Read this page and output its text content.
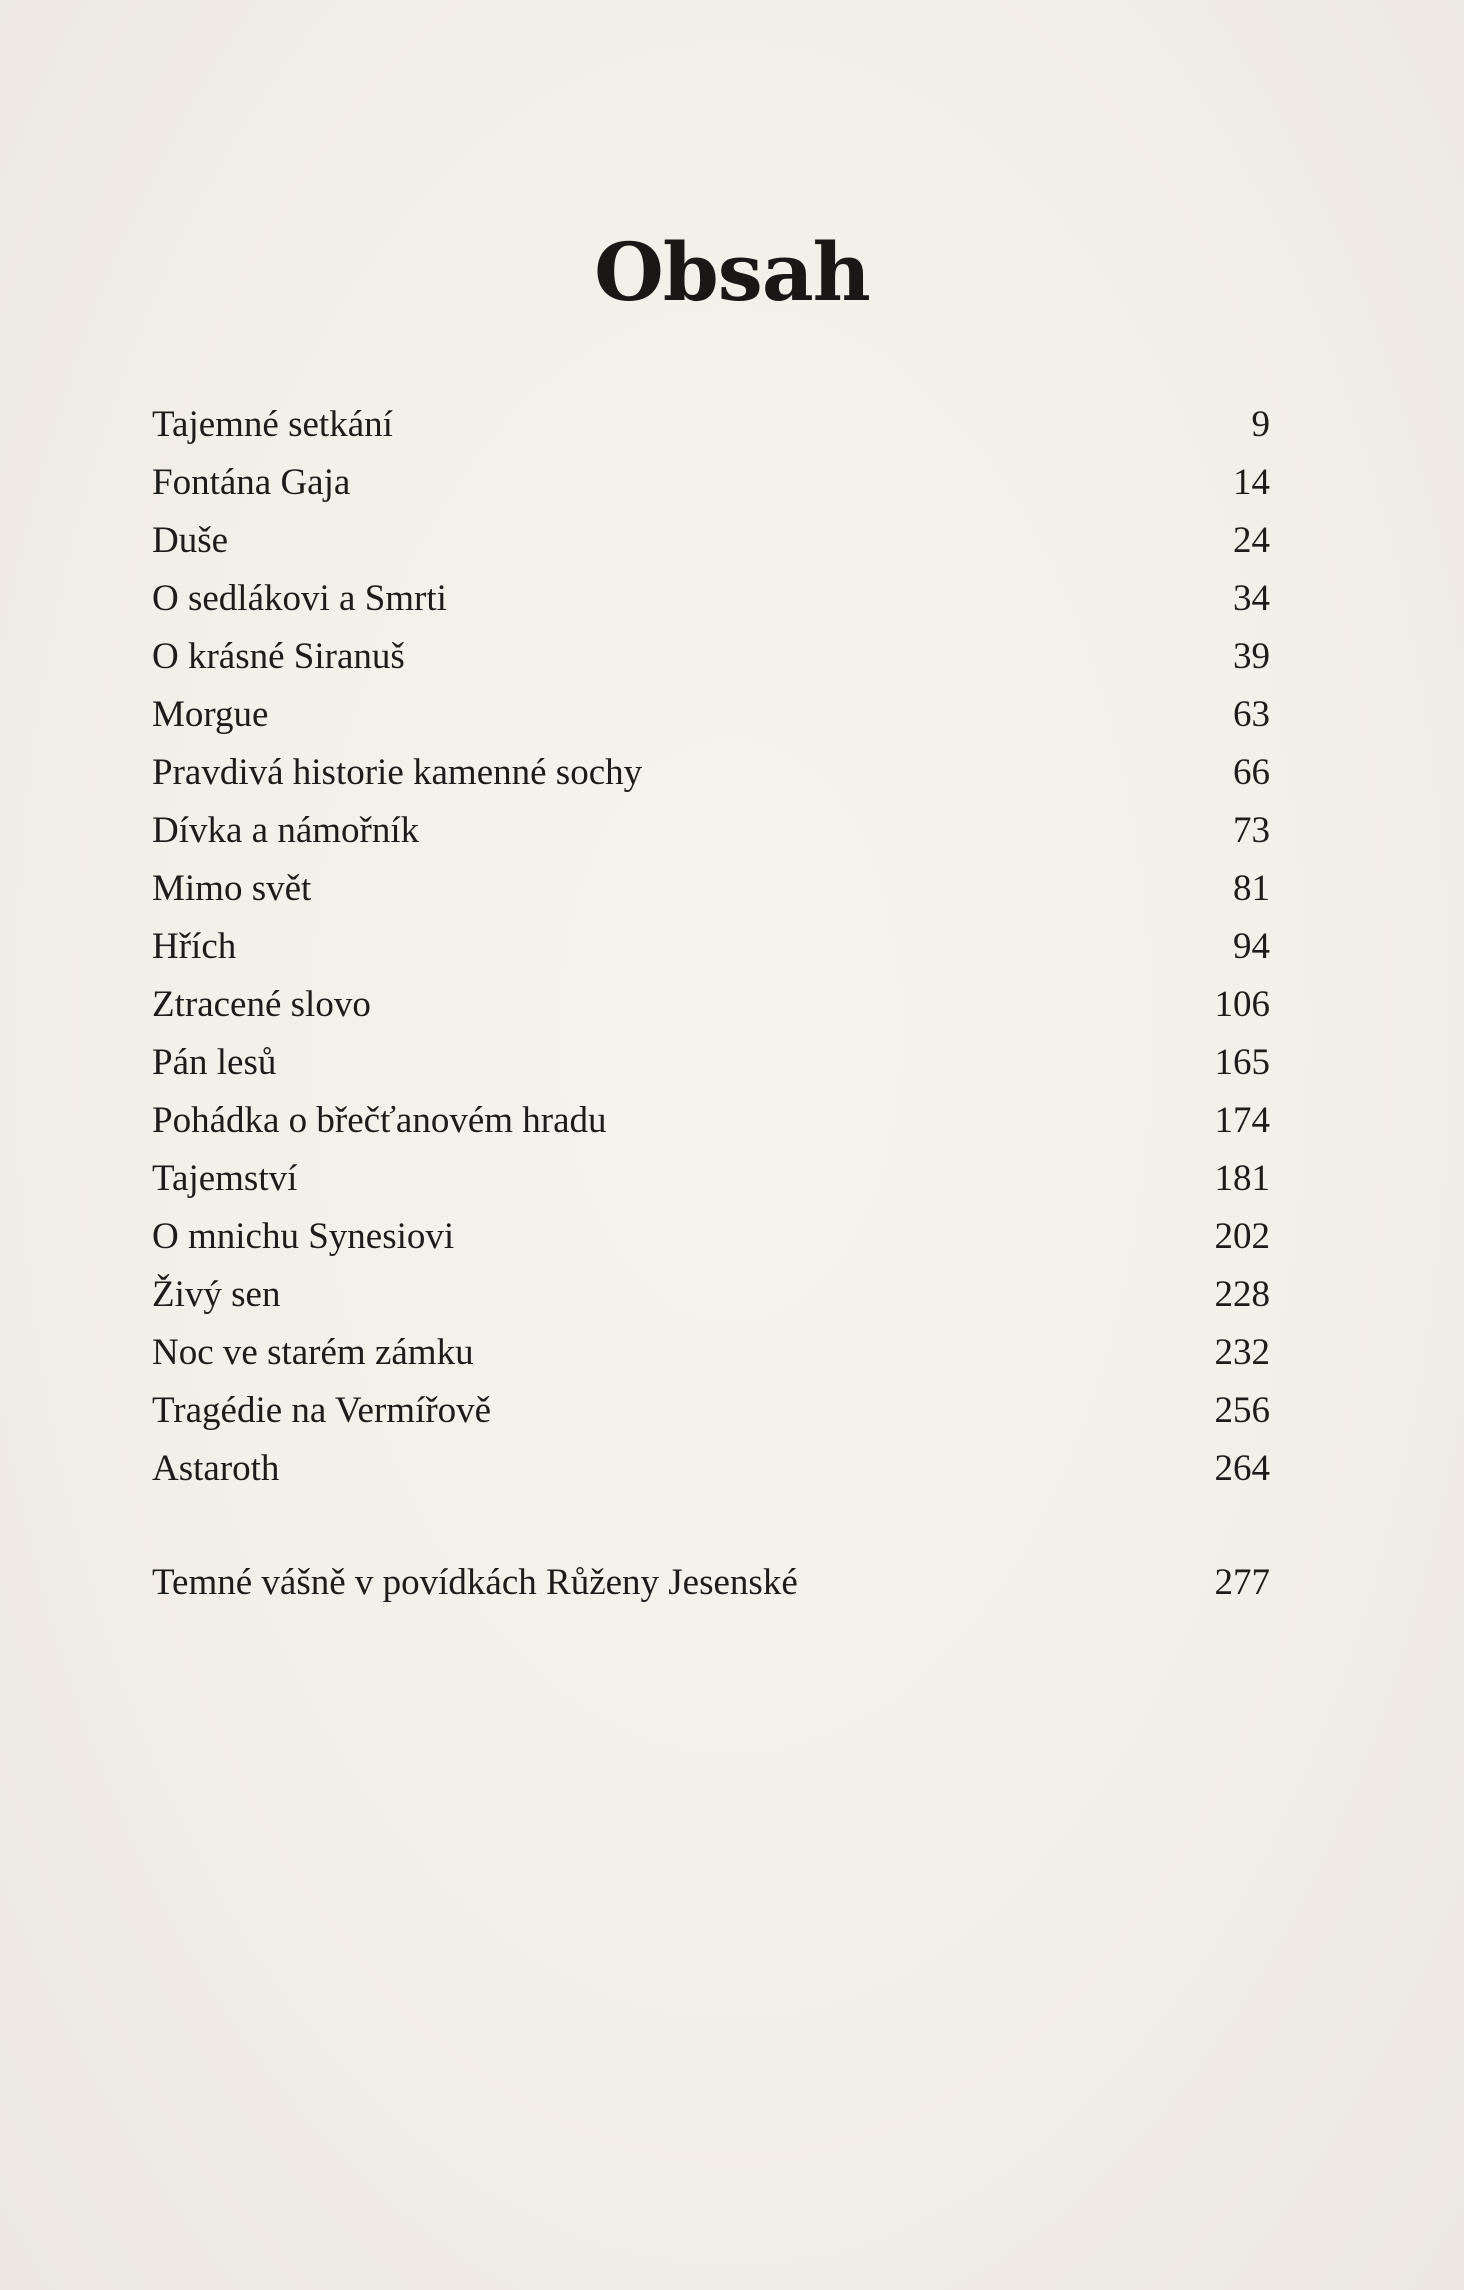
Obsah
Tajemné setkání	9
Fontána Gaja	14
Duše	24
O sedlákovi a Smrti	34
O krásné Siranuš	39
Morgue	63
Pravdivá historie kamenné sochy	66
Dívka a námořník	73
Mimo svět	81
Hřích	94
Ztracené slovo	106
Pán lesů	165
Pohádka o břečťanovém hradu	174
Tajemství	181
O mnichu Synesiovi	202
Živý sen	228
Noc ve starém zámku	232
Tragédie na Vermířově	256
Astaroth	264
Temné vášně v povídkách Růženy Jesenské	277
